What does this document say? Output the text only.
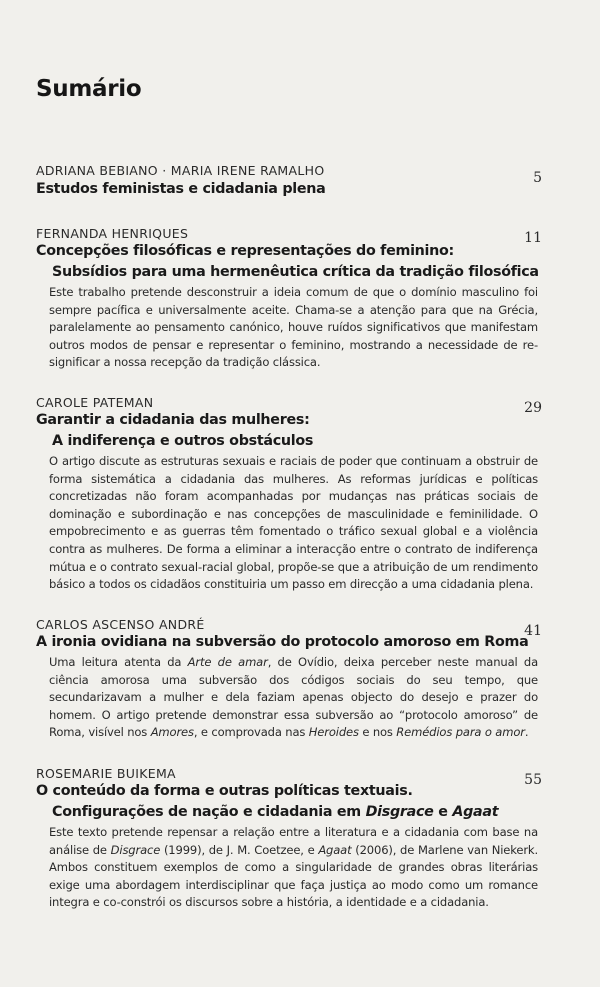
Sumário
ADRIANA BEBIANO · MARIA IRENE RAMALHO	5
Estudos feministas e cidadania plena
FERNANDA HENRIQUES	11
Concepções filosóficas e representações do feminino:
Subsídios para uma hermenêutica crítica da tradição filosófica
Este trabalho pretende desconstruir a ideia comum de que o domínio masculino foi sempre pacífica e universalmente aceite. Chama-se a atenção para que na Grécia, paralelamente ao pensamento canónico, houve ruídos significativos que manifestam outros modos de pensar e representar o feminino, mostrando a necessidade de re-significar a nossa recepção da tradição clássica.
CAROLE PATEMAN	29
Garantir a cidadania das mulheres:
A indiferença e outros obstáculos
O artigo discute as estruturas sexuais e raciais de poder que continuam a obstruir de forma sistemática a cidadania das mulheres. As reformas jurídicas e políticas concretizadas não foram acompanhadas por mudanças nas práticas sociais de dominação e subordinação e nas concepções de masculinidade e feminilidade. O empobrecimento e as guerras têm fomentado o tráfico sexual global e a violência contra as mulheres. De forma a eliminar a interacção entre o contrato de indiferença mútua e o contrato sexual-racial global, propõe-se que a atribuição de um rendimento básico a todos os cidadãos constituiria um passo em direcção a uma cidadania plena.
CARLOS ASCENSO ANDRÉ	41
A ironia ovidiana na subversão do protocolo amoroso em Roma
Uma leitura atenta da Arte de amar, de Ovídio, deixa perceber neste manual da ciência amorosa uma subversão dos códigos sociais do seu tempo, que secundarizavam a mulher e dela faziam apenas objecto do desejo e prazer do homem. O artigo pretende demonstrar essa subversão ao “protocolo amoroso” de Roma, visível nos Amores, e comprovada nas Heroides e nos Remédios para o amor.
ROSEMARIE BUIKEMA	55
O conteúdo da forma e outras políticas textuais.
Configurações de nação e cidadania em Disgrace e Agaat
Este texto pretende repensar a relação entre a literatura e a cidadania com base na análise de Disgrace (1999), de J. M. Coetzee, e Agaat (2006), de Marlene van Niekerk. Ambos constituem exemplos de como a singularidade de grandes obras literárias exige uma abordagem interdisciplinar que faça justiça ao modo como um romance integra e co-constrói os discursos sobre a história, a identidade e a cidadania.
